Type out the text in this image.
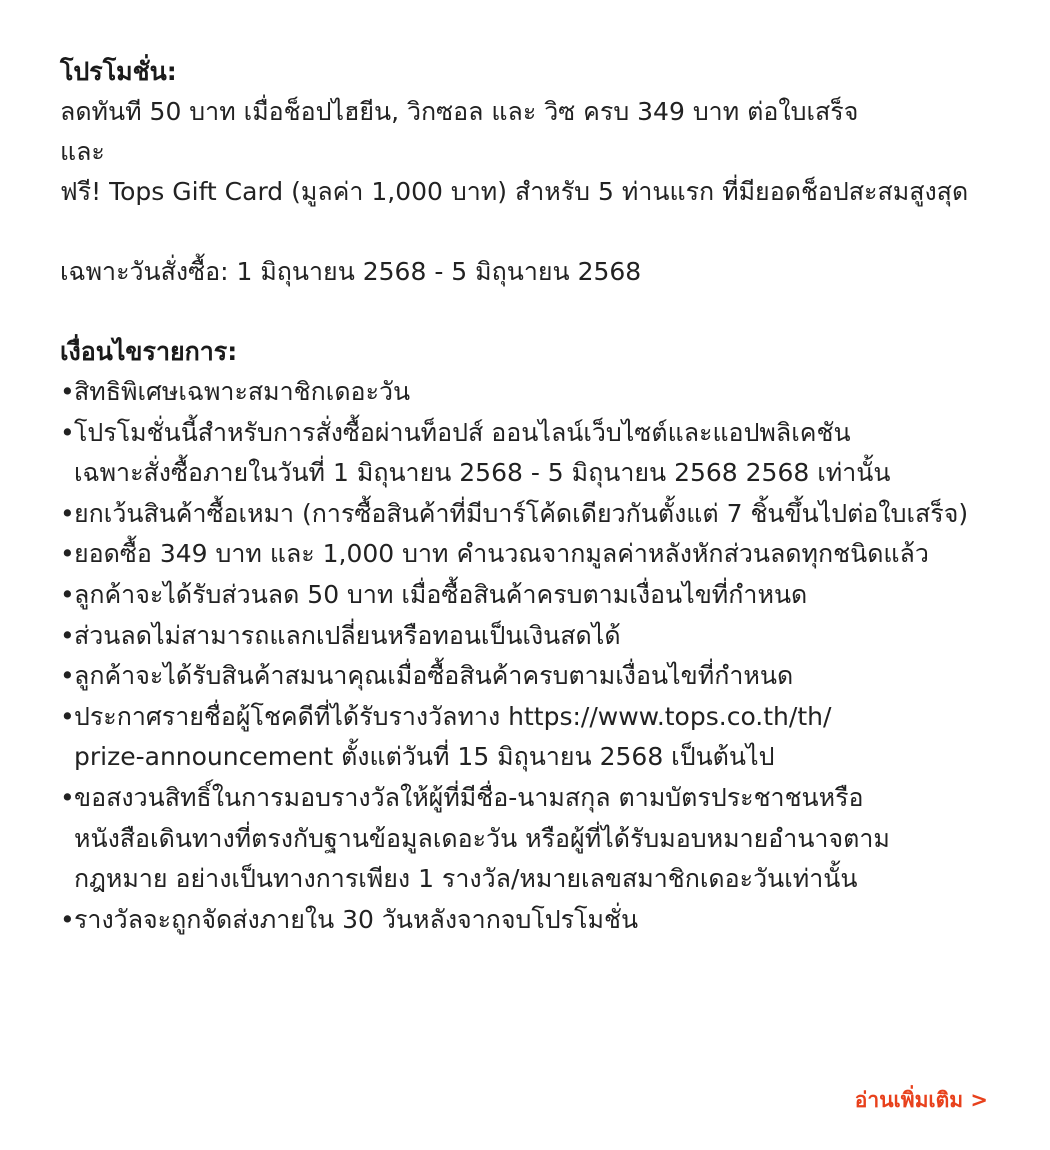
โปรโมชั่น:

ลดทันที 50 บาท เมื่อช็อปไฮยีน, วิกซอล และ วิซ ครบ 349 บาท ต่อใบเสร็จ

และ

ฟรี! Tops Gift Card (มูลค่า 1,000 บาท) สำหรับ 5 ท่านแรก ที่มียอดช็อปสะสมสูงสุด

เฉพาะวันสั่งซื้อ: 1 มิถุนายน 2568 - 5 มิถุนายน 2568

เงื่อนไขรายการ:

• สิทธิพิเศษเฉพาะสมาชิกเดอะวัน
• โปรโมชั่นนี้สำหรับการสั่งซื้อผ่านท็อปส์ ออนไลน์เว็บไซต์และแอปพลิเคชัน
เฉพาะสั่งซื้อภายในวันที่ 1 มิถุนายน 2568 - 5 มิถุนายน 2568 2568 เท่านั้น
• ยกเว้นสินค้าซื้อเหมา (การซื้อสินค้าที่มีบาร์โค้ดเดียวกันตั้งแต่ 7 ชิ้นขึ้นไปต่อใบเสร็จ)
• ยอดซื้อ 349 บาท และ 1,000 บาท คำนวณจากมูลค่าหลังหักส่วนลดทุกชนิดแล้ว
• ลูกค้าจะได้รับส่วนลด 50 บาท เมื่อซื้อสินค้าครบตามเงื่อนไขที่กำหนด
• ส่วนลดไม่สามารถแลกเปลี่ยนหรือทอนเป็นเงินสดได้
• ลูกค้าจะได้รับสินค้าสมนาคุณเมื่อซื้อสินค้าครบตามเงื่อนไขที่กำหนด
• ประกาศรายชื่อผู้โชคดีที่ได้รับรางวัลทาง https://www.tops.co.th/th/
prize-announcement ตั้งแต่วันที่ 15 มิถุนายน 2568 เป็นต้นไป
• ขอสงวนสิทธิ์ในการมอบรางวัลให้ผู้ที่มีชื่อ-นามสกุล ตามบัตรประชาชนหรือ
หนังสือเดินทางที่ตรงกับฐานข้อมูลเดอะวัน หรือผู้ที่ได้รับมอบหมายอำนาจตาม
กฎหมาย อย่างเป็นทางการเพียง 1 รางวัล/หมายเลขสมาชิกเดอะวันเท่านั้น
• รางวัลจะถูกจัดส่งภายใน 30 วันหลังจากจบโปรโมชั่น
อ่านเพิ่มเติม >
